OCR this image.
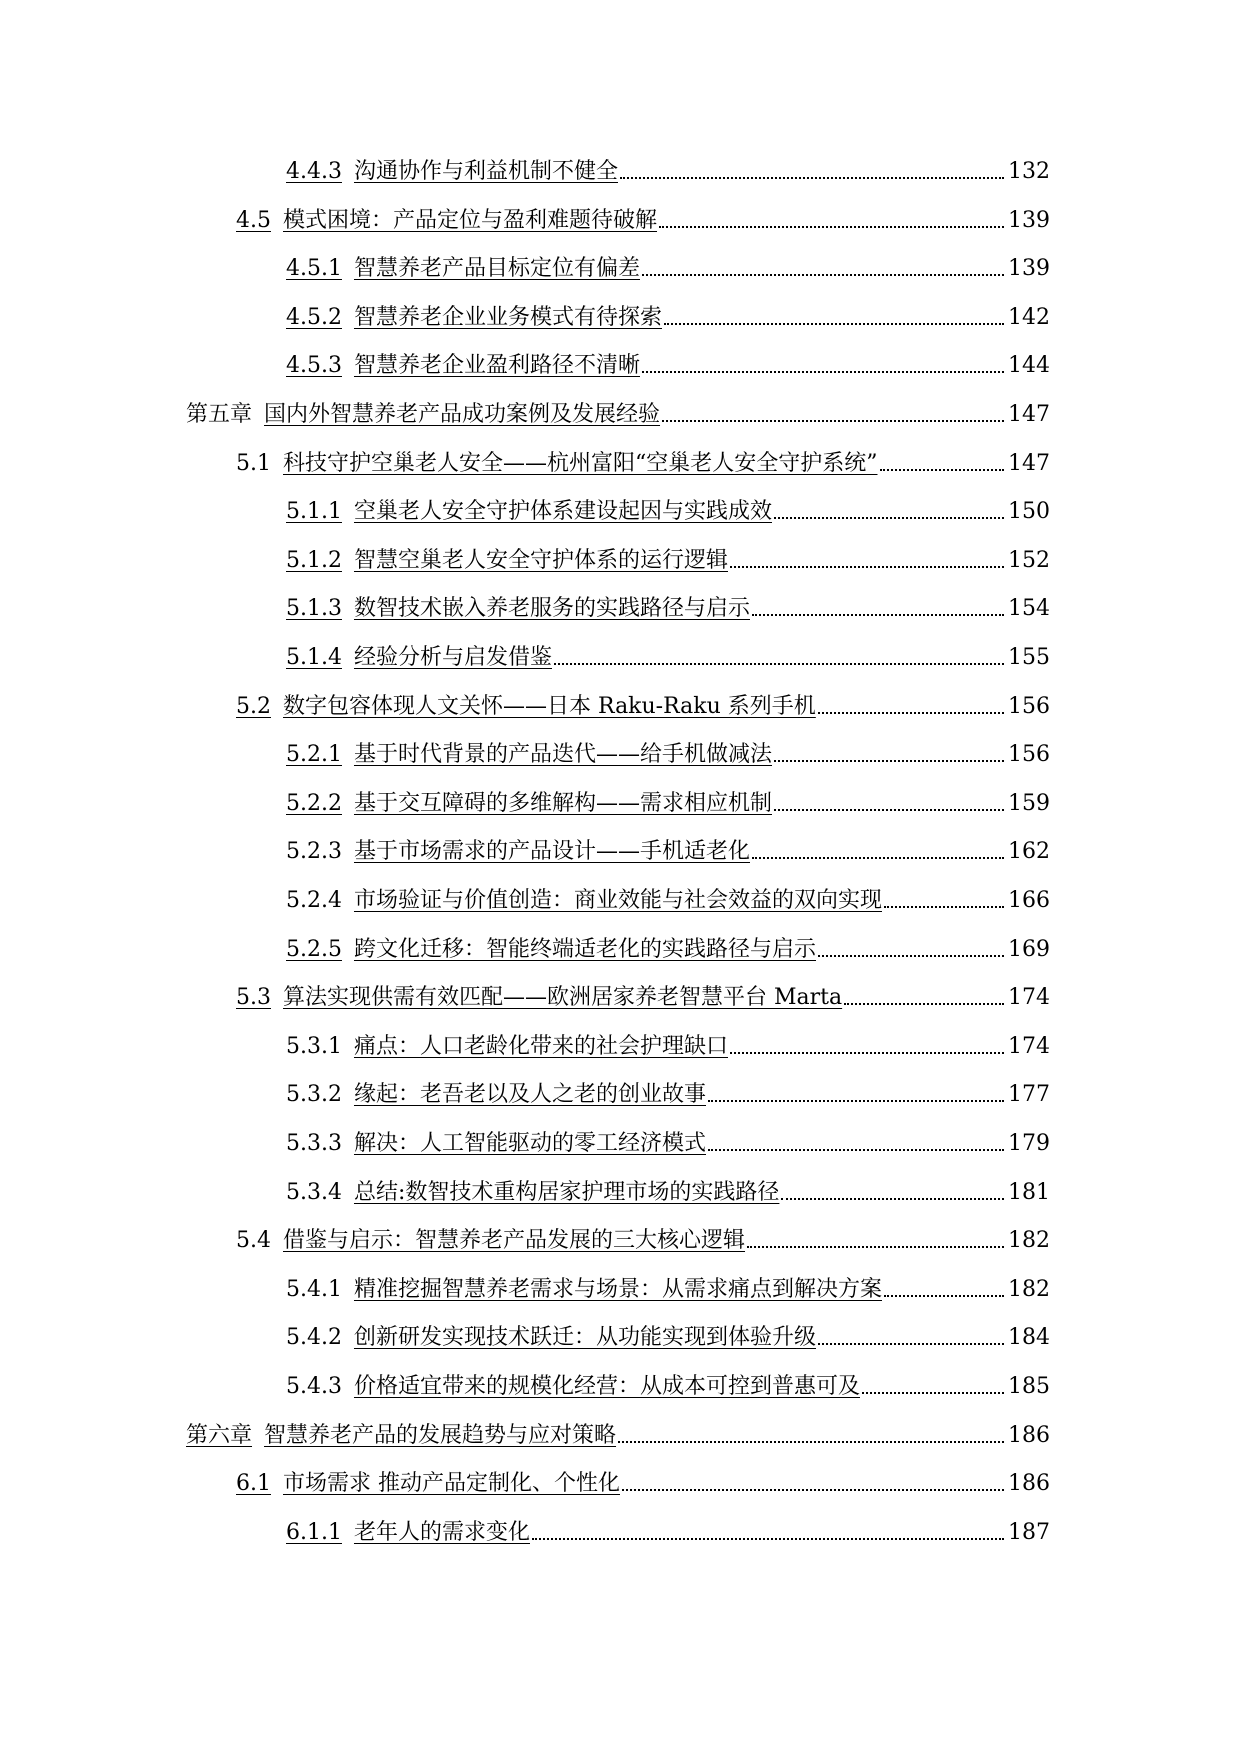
4.4.3 沟通协作与利益机制不健全	132
4.5 模式困境：产品定位与盈利难题待破解	139
4.5.1 智慧养老产品目标定位有偏差	139
4.5.2 智慧养老企业业务模式有待探索	142
4.5.3 智慧养老企业盈利路径不清晰	144
第五章 国内外智慧养老产品成功案例及发展经验	147
5.1 科技守护空巢老人安全——杭州富阳“空巢老人安全守护系统”	147
5.1.1 空巢老人安全守护体系建设起因与实践成效	150
5.1.2 智慧空巢老人安全守护体系的运行逻辑	152
5.1.3 数智技术嵌入养老服务的实践路径与启示	154
5.1.4 经验分析与启发借鉴	155
5.2 数字包容体现人文关怀——日本 Raku-Raku 系列手机	156
5.2.1 基于时代背景的产品迭代——给手机做减法	156
5.2.2 基于交互障碍的多维解构——需求相应机制	159
5.2.3 基于市场需求的产品设计——手机适老化	162
5.2.4 市场验证与价值创造：商业效能与社会效益的双向实现	166
5.2.5 跨文化迁移：智能终端适老化的实践路径与启示	169
5.3 算法实现供需有效匹配——欧洲居家养老智慧平台 Marta	174
5.3.1 痛点：人口老龄化带来的社会护理缺口	174
5.3.2 缘起：老吾老以及人之老的创业故事	177
5.3.3 解决：人工智能驱动的零工经济模式	179
5.3.4 总结:数智技术重构居家护理市场的实践路径	181
5.4 借鉴与启示：智慧养老产品发展的三大核心逻辑	182
5.4.1 精准挖掘智慧养老需求与场景：从需求痛点到解决方案	182
5.4.2 创新研发实现技术跃迁：从功能实现到体验升级	184
5.4.3 价格适宜带来的规模化经营：从成本可控到普惠可及	185
第六章 智慧养老产品的发展趋势与应对策略	186
6.1 市场需求 推动产品定制化、个性化	186
6.1.1 老年人的需求变化	187
